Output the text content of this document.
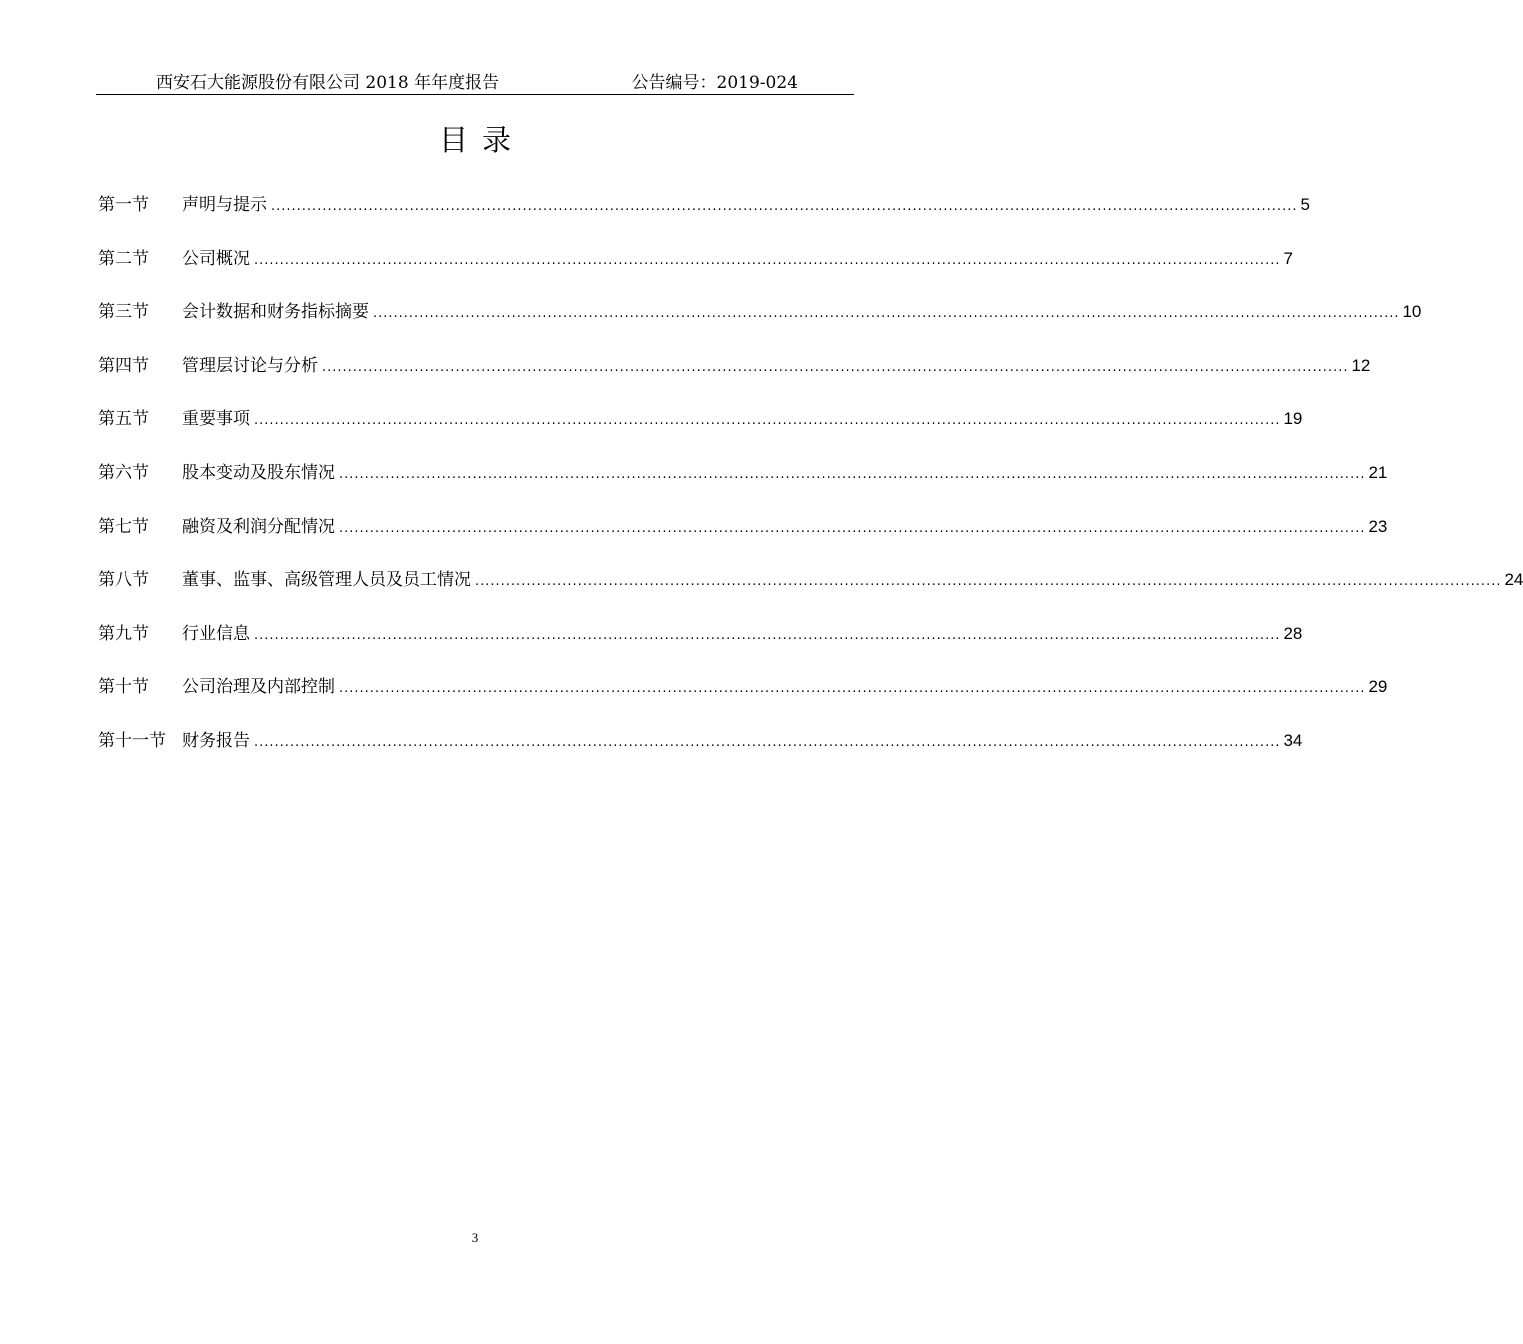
西安石大能源股份有限公司 2018 年年度报告	公告编号：2019-024
目录
第一节	声明与提示 ........................................................................................................................................................................................................ 5
第二节	公司概况 ........................................................................................................................................................................................................ 7
第三节	会计数据和财务指标摘要 ........................................................................................................................................................................................................ 10
第四节	管理层讨论与分析 ........................................................................................................................................................................................................ 12
第五节	重要事项 ........................................................................................................................................................................................................ 19
第六节	股本变动及股东情况 ........................................................................................................................................................................................................ 21
第七节	融资及利润分配情况 ........................................................................................................................................................................................................ 23
第八节	董事、监事、高级管理人员及员工情况 ........................................................................................................................................................................................................ 24
第九节	行业信息 ........................................................................................................................................................................................................ 28
第十节	公司治理及内部控制 ........................................................................................................................................................................................................ 29
第十一节 财务报告 ........................................................................................................................................................................................................ 34
3
